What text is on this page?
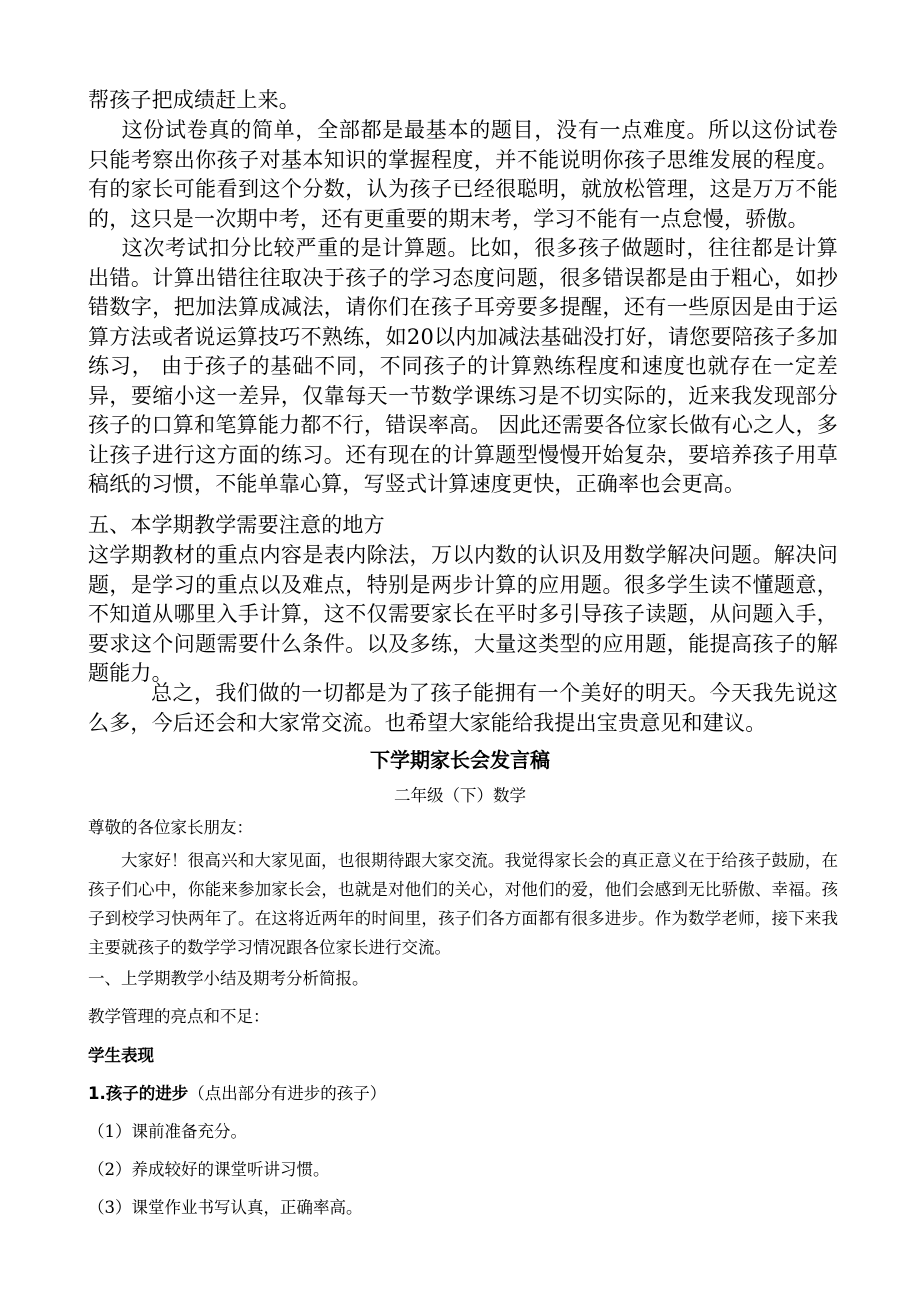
帮孩子把成绩赶上来。

这份试卷真的简单，全部都是最基本的题目，没有一点难度。所以这份试卷只能考察出你孩子对基本知识的掌握程度，并不能说明你孩子思维发展的程度。有的家长可能看到这个分数，认为孩子已经很聪明，就放松管理，这是万万不能的，这只是一次期中考，还有更重要的期末考，学习不能有一点怠慢，骄傲。

这次考试扣分比较严重的是计算题。比如，很多孩子做题时，往往都是计算出错。计算出错往往取决于孩子的学习态度问题，很多错误都是由于粗心，如抄错数字，把加法算成减法，请你们在孩子耳旁要多提醒，还有一些原因是由于运算方法或者说运算技巧不熟练，如20以内加减法基础没打好，请您要陪孩子多加练习， 由于孩子的基础不同，不同孩子的计算熟练程度和速度也就存在一定差异，要缩小这一差异，仅靠每天一节数学课练习是不切实际的，近来我发现部分孩子的口算和笔算能力都不行，错误率高。 因此还需要各位家长做有心之人，多让孩子进行这方面的练习。还有现在的计算题型慢慢开始复杂，要培养孩子用草稿纸的习惯，不能单靠心算，写竖式计算速度更快，正确率也会更高。

五、本学期教学需要注意的地方

这学期教材的重点内容是表内除法，万以内数的认识及用数学解决问题。解决问题，是学习的重点以及难点，特别是两步计算的应用题。很多学生读不懂题意，不知道从哪里入手计算，这不仅需要家长在平时多引导孩子读题，从问题入手，要求这个问题需要什么条件。以及多练，大量这类型的应用题，能提高孩子的解题能力。

总之，我们做的一切都是为了孩子能拥有一个美好的明天。今天我先说这么多，今后还会和大家常交流。也希望大家能给我提出宝贵意见和建议。

下学期家长会发言稿

二年级（下）数学

尊敬的各位家长朋友：

大家好！很高兴和大家见面，也很期待跟大家交流。我觉得家长会的真正意义在于给孩子鼓励，在孩子们心中，你能来参加家长会，也就是对他们的关心，对他们的爱，他们会感到无比骄傲、幸福。孩子到校学习快两年了。在这将近两年的时间里，孩子们各方面都有很多进步。作为数学老师，接下来我主要就孩子的数学学习情况跟各位家长进行交流。

一、上学期教学小结及期考分析简报。

教学管理的亮点和不足：

学生表现

1.孩子的进步（点出部分有进步的孩子）

（1）课前准备充分。

（2）养成较好的课堂听讲习惯。

（3）课堂作业书写认真，正确率高。
